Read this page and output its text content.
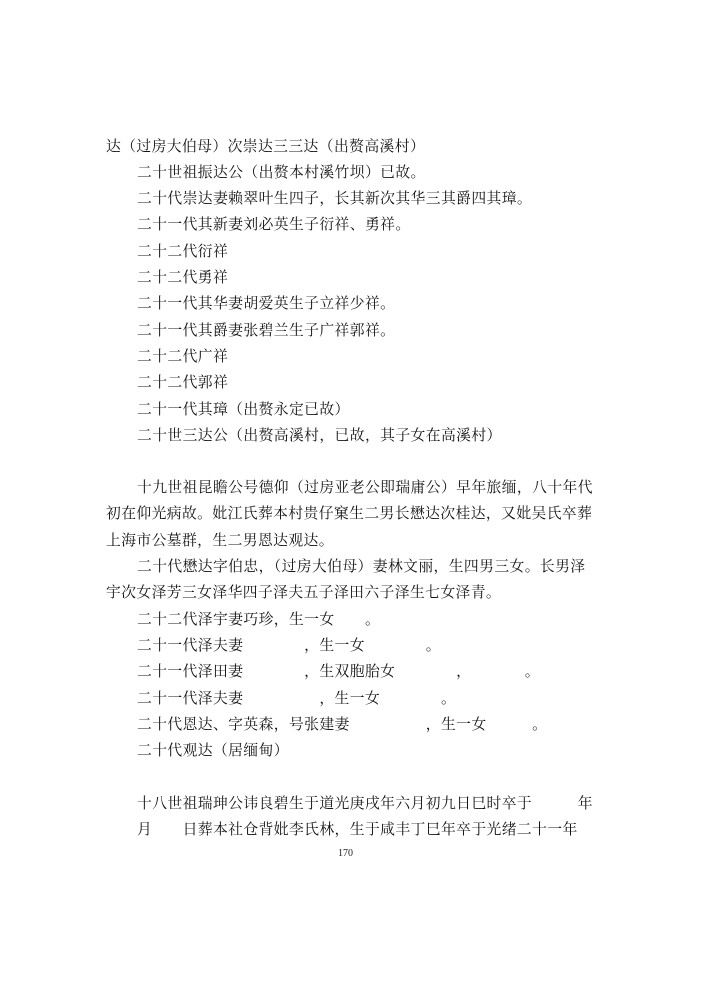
达（过房大伯母）次崇达三三达（出赘高溪村）

二十世祖振达公（出赘本村溪竹坝）已故。

二十代崇达妻赖翠叶生四子，长其新次其华三其爵四其璋。

二十一代其新妻刘必英生子衍祥、勇祥。

二十二代衍祥

二十二代勇祥

二十一代其华妻胡爱英生子立祥少祥。

二十一代其爵妻张碧兰生子广祥郭祥。

二十二代广祥

二十二代郭祥

二十一代其璋（出赘永定已故）

二十世三达公（出赘高溪村，已故，其子女在高溪村）

十九世祖昆瞻公号德仰（过房亚老公即瑞庸公）早年旅缅，八十年代

初在仰光病故。妣江氏葬本村贵仔窠生二男长懋达次桂达，又妣吴氏卒葬

上海市公墓群，生二男恩达观达。

二十代懋达字伯忠，（过房大伯母）妻林文丽，生四男三女。长男泽

宇次女泽芳三女泽华四子泽夫五子泽田六子泽生七女泽青。

二十二代泽宇妻巧珍，生一女　　。

二十一代泽夫妻　　　　，生一女　　　　。

二十一代泽田妻　　　　，生双胞胎女　　　　，　　　　。

二十一代泽夫妻　　　　　，生一女　　　　。

二十代恩达、字英森，号张建妻　　　　　，生一女　　　。

二十代观达（居缅甸）

十八世祖瑞珅公讳良碧生于道光庚戌年六月初九日巳时卒于　　　年

月　　日葬本社仓背妣李氏林，生于咸丰丁巳年卒于光绪二十一年

170
